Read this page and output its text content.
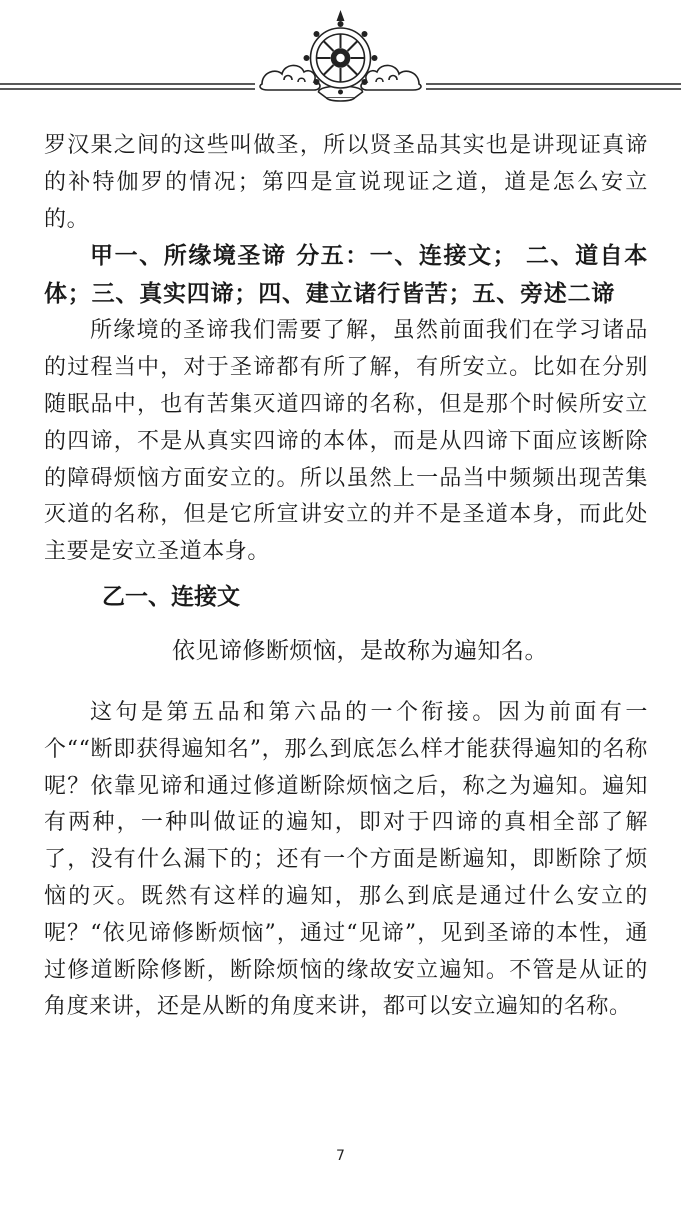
罗汉果之间的这些叫做圣，所以贤圣品其实也是讲现证真谛的补特伽罗的情况；第四是宣说现证之道，道是怎么安立的。

甲一、所缘境圣谛 分五：一、连接文； 二、道自本体；三、真实四谛；四、建立诸行皆苦；五、旁述二谛

所缘境的圣谛我们需要了解，虽然前面我们在学习诸品的过程当中，对于圣谛都有所了解，有所安立。比如在分别随眠品中，也有苦集灭道四谛的名称，但是那个时候所安立的四谛，不是从真实四谛的本体，而是从四谛下面应该断除的障碍烦恼方面安立的。所以虽然上一品当中频频出现苦集灭道的名称，但是它所宣讲安立的并不是圣道本身，而此处主要是安立圣道本身。

乙一、连接文

依见谛修断烦恼，是故称为遍知名。

这句是第五品和第六品的一个衔接。因为前面有一个““断即获得遍知名”，那么到底怎么样才能获得遍知的名称呢？依靠见谛和通过修道断除烦恼之后，称之为遍知。遍知有两种，一种叫做证的遍知，即对于四谛的真相全部了解了，没有什么漏下的；还有一个方面是断遍知，即断除了烦恼的灭。既然有这样的遍知，那么到底是通过什么安立的呢？“依见谛修断烦恼”，通过“见谛”，见到圣谛的本性，通过修道断除修断，断除烦恼的缘故安立遍知。不管是从证的角度来讲，还是从断的角度来讲，都可以安立遍知的名称。

7
